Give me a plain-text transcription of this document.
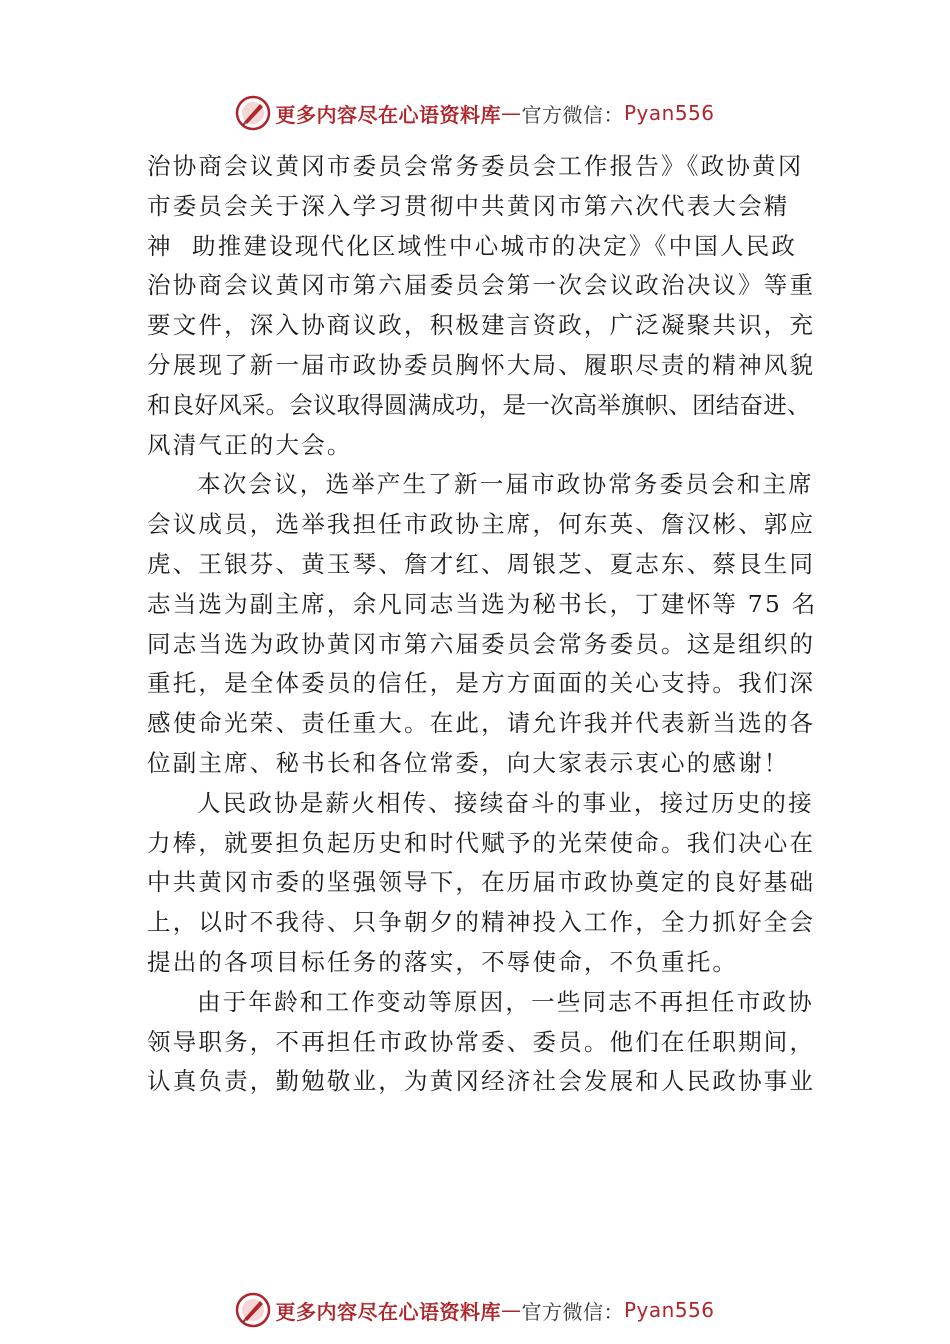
更多内容尽在心语资料库 — 官方微信： Pyan556

治协商会议黄冈市委员会常务委员会工作报告》《政协黄冈
市委员会关于深入学习贯彻中共黄冈市第六次代表大会精
神  助推建设现代化区域性中心城市的决定》《中国人民政
治协商会议黄冈市第六届委员会第一次会议政治决议》等重
要文件，深入协商议政，积极建言资政，广泛凝聚共识，充
分展现了新一届市政协委员胸怀大局、履职尽责的精神风貌
和良好风采。会议取得圆满成功，是一次高举旗帜、团结奋进、
风清气正的大会。

本次会议，选举产生了新一届市政协常务委员会和主席
会议成员，选举我担任市政协主席，何东英、詹汉彬、郭应
虎、王银芬、黄玉琴、詹才红、周银芝、夏志东、蔡艮生同
志当选为副主席，余凡同志当选为秘书长，丁建怀等 75 名
同志当选为政协黄冈市第六届委员会常务委员。这是组织的
重托，是全体委员的信任，是方方面面的关心支持。我们深
感使命光荣、责任重大。在此，请允许我并代表新当选的各
位副主席、秘书长和各位常委，向大家表示衷心的感谢！

人民政协是薪火相传、接续奋斗的事业，接过历史的接
力棒，就要担负起历史和时代赋予的光荣使命。我们决心在
中共黄冈市委的坚强领导下，在历届市政协奠定的良好基础
上，以时不我待、只争朝夕的精神投入工作，全力抓好全会
提出的各项目标任务的落实，不辱使命，不负重托。

由于年龄和工作变动等原因，一些同志不再担任市政协
领导职务，不再担任市政协常委、委员。他们在任职期间，
认真负责，勤勉敬业，为黄冈经济社会发展和人民政协事业

更多内容尽在心语资料库 — 官方微信： Pyan556
